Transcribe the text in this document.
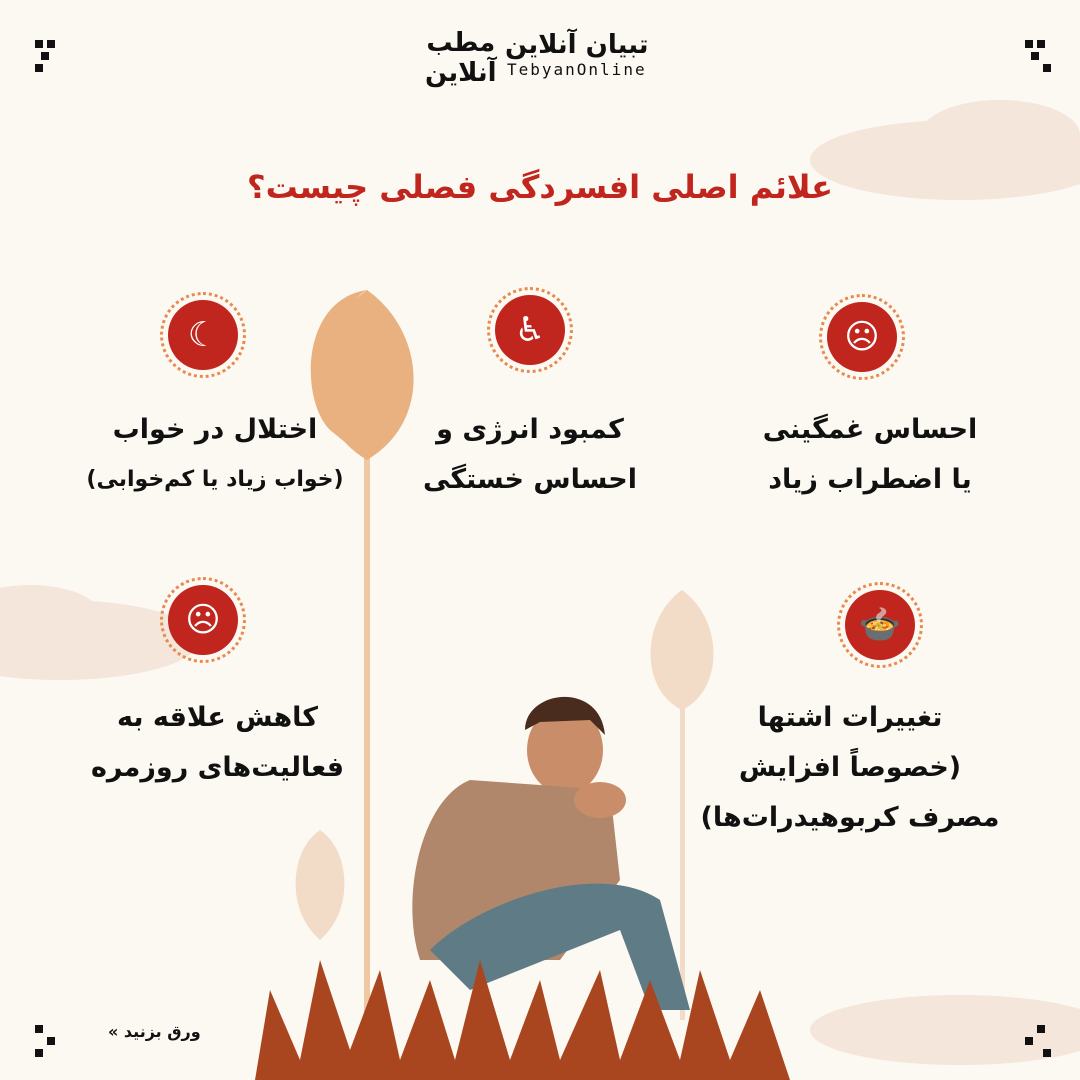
مطب
آنلاین
تبیان آنلاین
TebyanOnline
علائم اصلی افسردگی فصلی چیست؟
☹
احساس غمگینی
یا اضطراب زیاد
♿
کمبود انرژی و
احساس خستگی
☾
اختلال در خواب
(خواب زیاد یا کم‌خوابی)
🍲
تغییرات اشتها
(خصوصاً افزایش
مصرف کربوهیدرات‌ها)
☹
کاهش علاقه به
فعالیت‌های روزمره
ورق بزنید »
